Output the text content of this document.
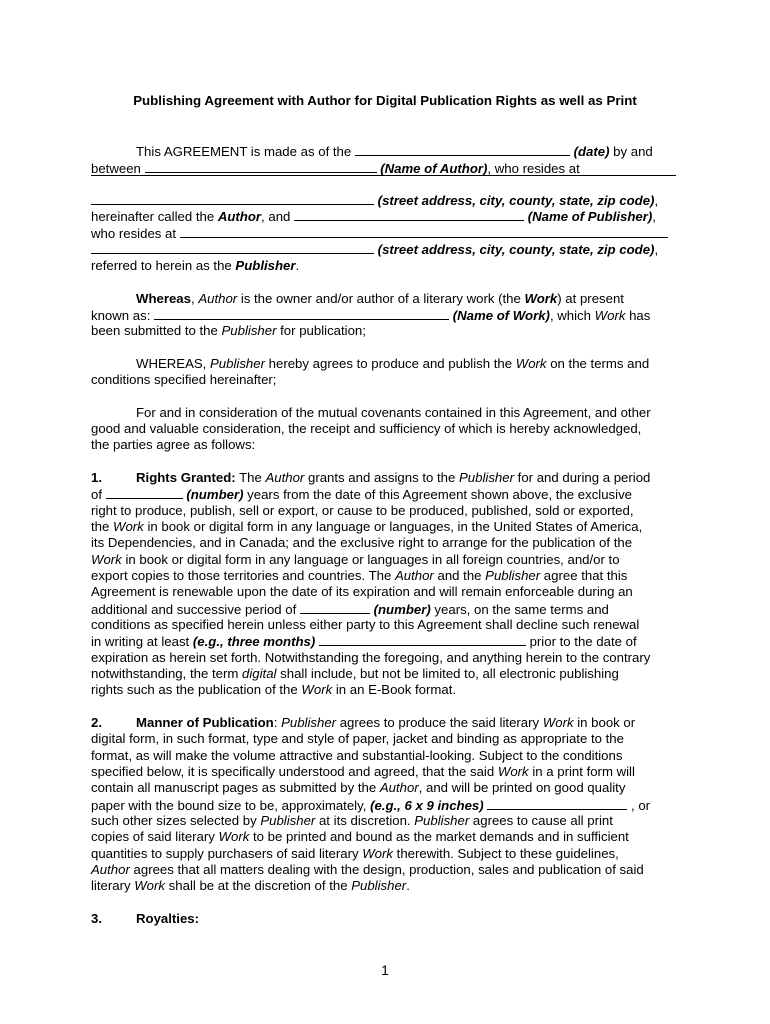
Publishing Agreement with Author for Digital Publication Rights as well as Print
This AGREEMENT is made as of the	(date) by and
between	(Name of Author), who resides at
(street address, city, county, state, zip code),
hereinafter called the Author, and	(Name of Publisher),
who resides at
(street address, city, county, state, zip code),
referred to herein as the Publisher.
Whereas, Author is the owner and/or author of a literary work (the Work) at present
known as:	(Name of Work), which Work has
been submitted to the Publisher for publication;
WHEREAS, Publisher hereby agrees to produce and publish the Work on the terms and
conditions specified hereinafter;
For and in consideration of the mutual covenants contained in this Agreement, and other
good and valuable consideration, the receipt and sufficiency of which is hereby acknowledged,
the parties agree as follows:
1.	Rights Granted: The Author grants and assigns to the Publisher for and during a period
of	(number) years from the date of this Agreement shown above, the exclusive
right to produce, publish, sell or export, or cause to be produced, published, sold or exported,
the Work in book or digital form in any language or languages, in the United States of America,
its Dependencies, and in Canada; and the exclusive right to arrange for the publication of the
Work in book or digital form in any language or languages in all foreign countries, and/or to
export copies to those territories and countries. The Author and the Publisher agree that this
Agreement is renewable upon the date of its expiration and will remain enforceable during an
additional and successive period of	(number) years, on the same terms and
conditions as specified herein unless either party to this Agreement shall decline such renewal
in writing at least (e.g., three months)	prior to the date of
expiration as herein set forth. Notwithstanding the foregoing, and anything herein to the contrary
notwithstanding, the term digital shall include, but not be limited to, all electronic publishing
rights such as the publication of the Work in an E-Book format.
2.	Manner of Publication: Publisher agrees to produce the said literary Work in book or
digital form, in such format, type and style of paper, jacket and binding as appropriate to the
format, as will make the volume attractive and substantial-looking. Subject to the conditions
specified below, it is specifically understood and agreed, that the said Work in a print form will
contain all manuscript pages as submitted by the Author, and will be printed on good quality
paper with the bound size to be, approximately, (e.g., 6 x 9 inches)	, or
such other sizes selected by Publisher at its discretion. Publisher agrees to cause all print
copies of said literary Work to be printed and bound as the market demands and in sufficient
quantities to supply purchasers of said literary Work therewith. Subject to these guidelines,
Author agrees that all matters dealing with the design, production, sales and publication of said
literary Work shall be at the discretion of the Publisher.
3.	Royalties:
1
